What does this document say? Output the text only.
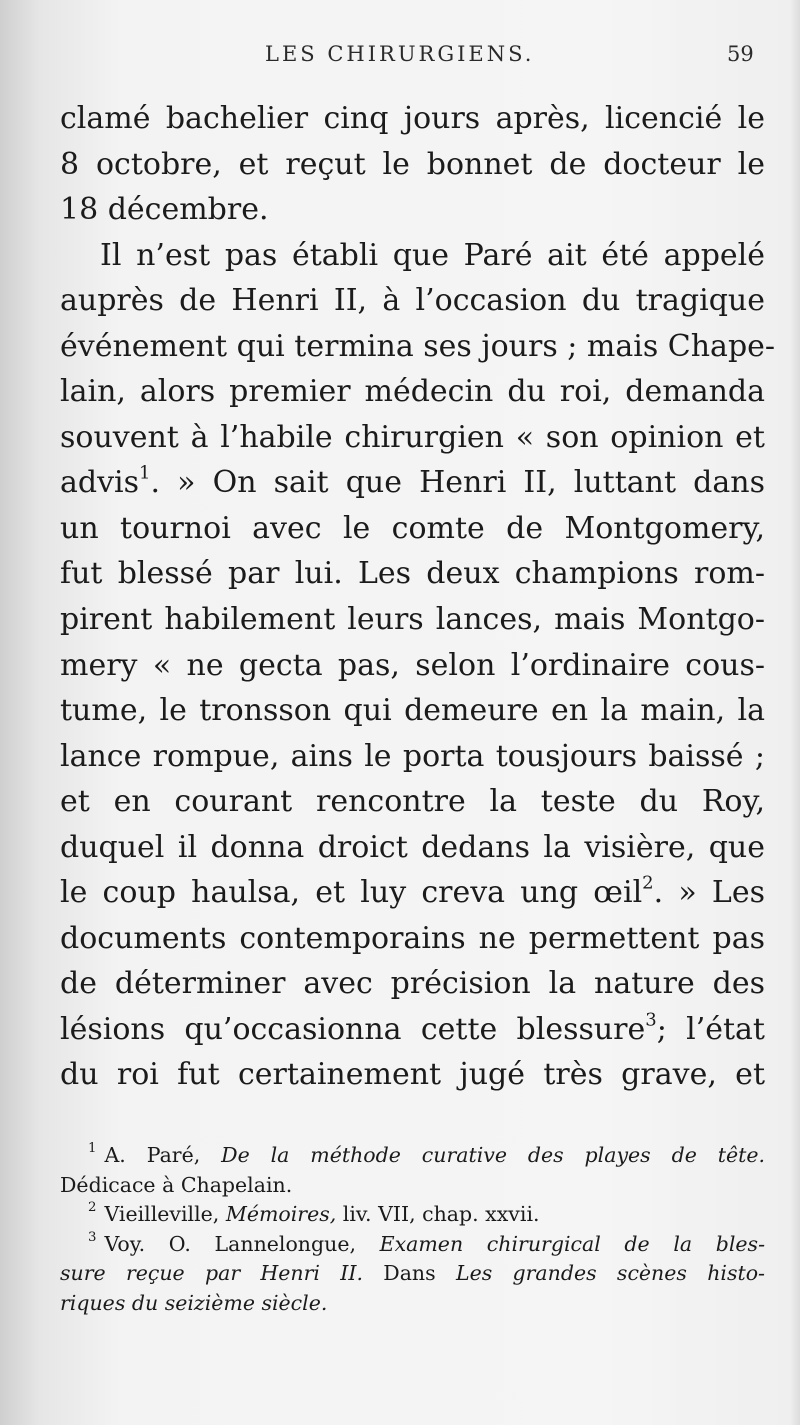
LES CHIRURGIENS.	59
clamé bachelier cinq jours après, licencié le
8 octobre, et reçut le bonnet de docteur le
18 décembre.
Il n’est pas établi que Paré ait été appelé
auprès de Henri II, à l’occasion du tragique
événement qui termina ses jours ; mais Chape-
lain, alors premier médecin du roi, demanda
souvent à l’habile chirurgien « son opinion et
advis$^1$. » On sait que Henri II, luttant dans
un tournoi avec le comte de Montgomery,
fut blessé par lui. Les deux champions rom-
pirent habilement leurs lances, mais Montgo-
mery « ne gecta pas, selon l’ordinaire cous-
tume, le tronsson qui demeure en la main, la
lance rompue, ains le porta tousjours baissé ;
et en courant rencontre la teste du Roy,
duquel il donna droict dedans la visière, que
le coup haulsa, et luy creva ung œil$^2$. » Les
documents contemporains ne permettent pas
de déterminer avec précision la nature des
lésions qu’occasionna cette blessure$^3$; l’état
du roi fut certainement jugé très grave, et
$^1$ A. Paré, De la méthode curative des playes de tête.
Dédicace à Chapelain.
$^2$ Vieilleville, Mémoires, liv. VII, chap. xxvii.
$^3$ Voy. O. Lannelongue, Examen chirurgical de la bles-
sure reçue par Henri II. Dans Les grandes scènes histo-
riques du seizième siècle.
